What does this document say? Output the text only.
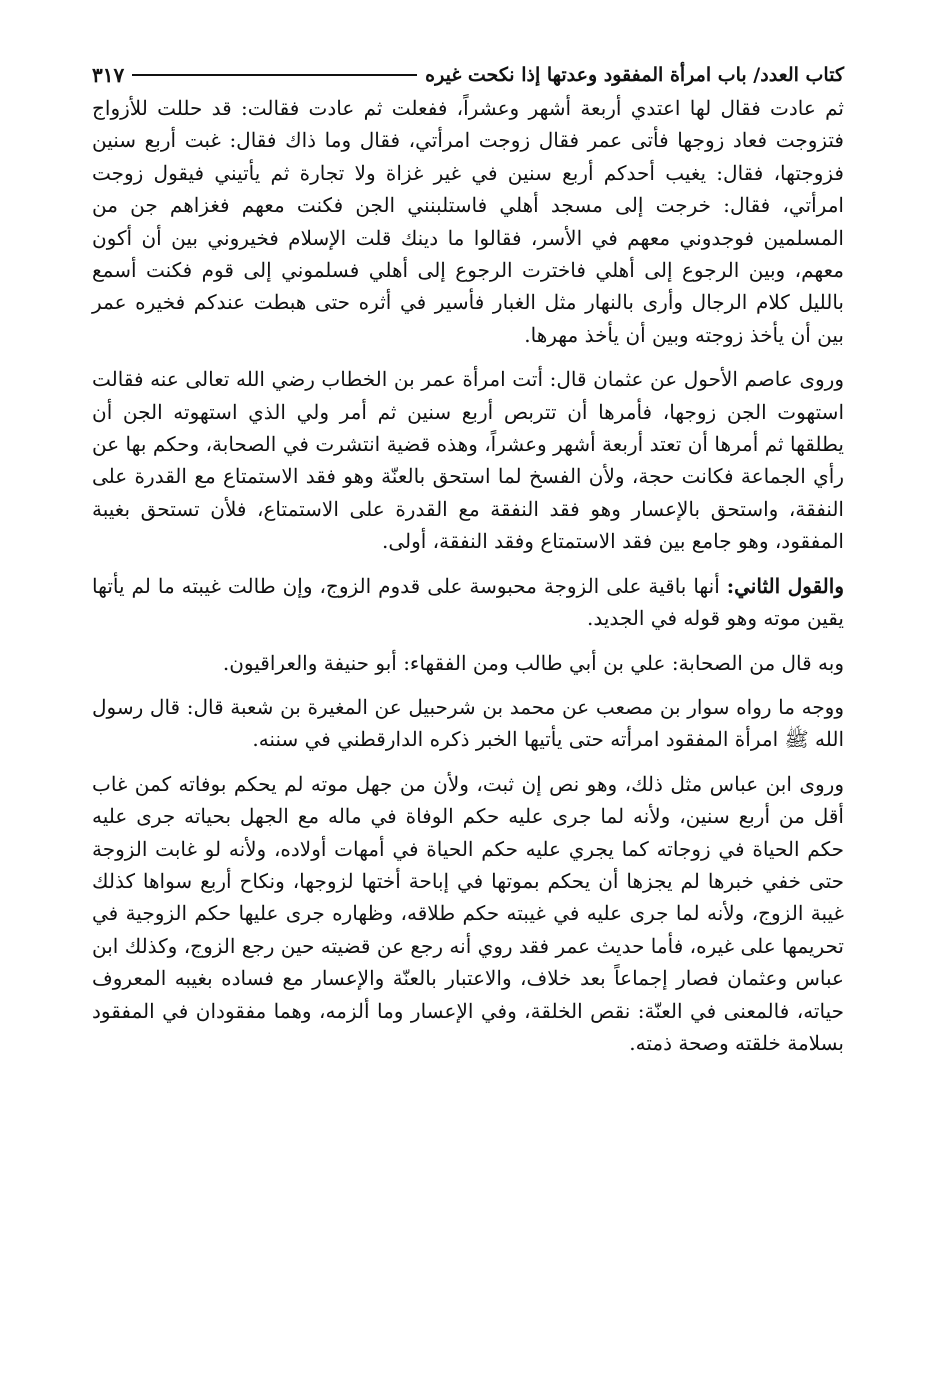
كتاب العدد/ باب امرأة المفقود وعدتها إذا نكحت غيره
٣١٧

ثم عادت فقال لها اعتدي أربعة أشهر وعشراً، ففعلت ثم عادت فقالت: قد حللت للأزواج فتزوجت فعاد زوجها فأتى عمر فقال زوجت امرأتي، فقال وما ذاك فقال: غبت أربع سنين فزوجتها، فقال: يغيب أحدكم أربع سنين في غير غزاة ولا تجارة ثم يأتيني فيقول زوجت امرأتي، فقال: خرجت إلى مسجد أهلي فاستلبنني الجن فكنت معهم فغزاهم جن من المسلمين فوجدوني معهم في الأسر، فقالوا ما دينك قلت الإسلام فخيروني بين أن أكون معهم، وبين الرجوع إلى أهلي فاخترت الرجوع إلى أهلي فسلموني إلى قوم فكنت أسمع بالليل كلام الرجال وأرى بالنهار مثل الغبار فأسير في أثره حتى هبطت عندكم فخيره عمر بين أن يأخذ زوجته وبين أن يأخذ مهرها.

وروى عاصم الأحول عن عثمان قال: أتت امرأة عمر بن الخطاب رضي الله تعالى عنه فقالت استهوت الجن زوجها، فأمرها أن تتربص أربع سنين ثم أمر ولي الذي استهوته الجن أن يطلقها ثم أمرها أن تعتد أربعة أشهر وعشراً، وهذه قضية انتشرت في الصحابة، وحكم بها عن رأي الجماعة فكانت حجة، ولأن الفسخ لما استحق بالعنّة وهو فقد الاستمتاع مع القدرة على النفقة، واستحق بالإعسار وهو فقد النفقة مع القدرة على الاستمتاع، فلأن تستحق بغيبة المفقود، وهو جامع بين فقد الاستمتاع وفقد النفقة، أولى.

والقول الثاني: أنها باقية على الزوجة محبوسة على قدوم الزوج، وإن طالت غيبته ما لم يأتها يقين موته وهو قوله في الجديد.

وبه قال من الصحابة: علي بن أبي طالب ومن الفقهاء: أبو حنيفة والعراقيون.

ووجه ما رواه سوار بن مصعب عن محمد بن شرحبيل عن المغيرة بن شعبة قال: قال رسول الله ﷺ امرأة المفقود امرأته حتى يأتيها الخبر ذكره الدارقطني في سننه.

وروى ابن عباس مثل ذلك، وهو نص إن ثبت، ولأن من جهل موته لم يحكم بوفاته كمن غاب أقل من أربع سنين، ولأنه لما جرى عليه حكم الوفاة في ماله مع الجهل بحياته جرى عليه حكم الحياة في زوجاته كما يجري عليه حكم الحياة في أمهات أولاده، ولأنه لو غابت الزوجة حتى خفي خبرها لم يجزها أن يحكم بموتها في إباحة أختها لزوجها، ونكاح أربع سواها كذلك غيبة الزوج، ولأنه لما جرى عليه في غيبته حكم طلاقه، وظهاره جرى عليها حكم الزوجية في تحريمها على غيره، فأما حديث عمر فقد روي أنه رجع عن قضيته حين رجع الزوج، وكذلك ابن عباس وعثمان فصار إجماعاً بعد خلاف، والاعتبار بالعنّة والإعسار مع فساده بغيبه المعروف حياته، فالمعنى في العنّة: نقص الخلقة، وفي الإعسار وما ألزمه، وهما مفقودان في المفقود بسلامة خلقته وصحة ذمته.
